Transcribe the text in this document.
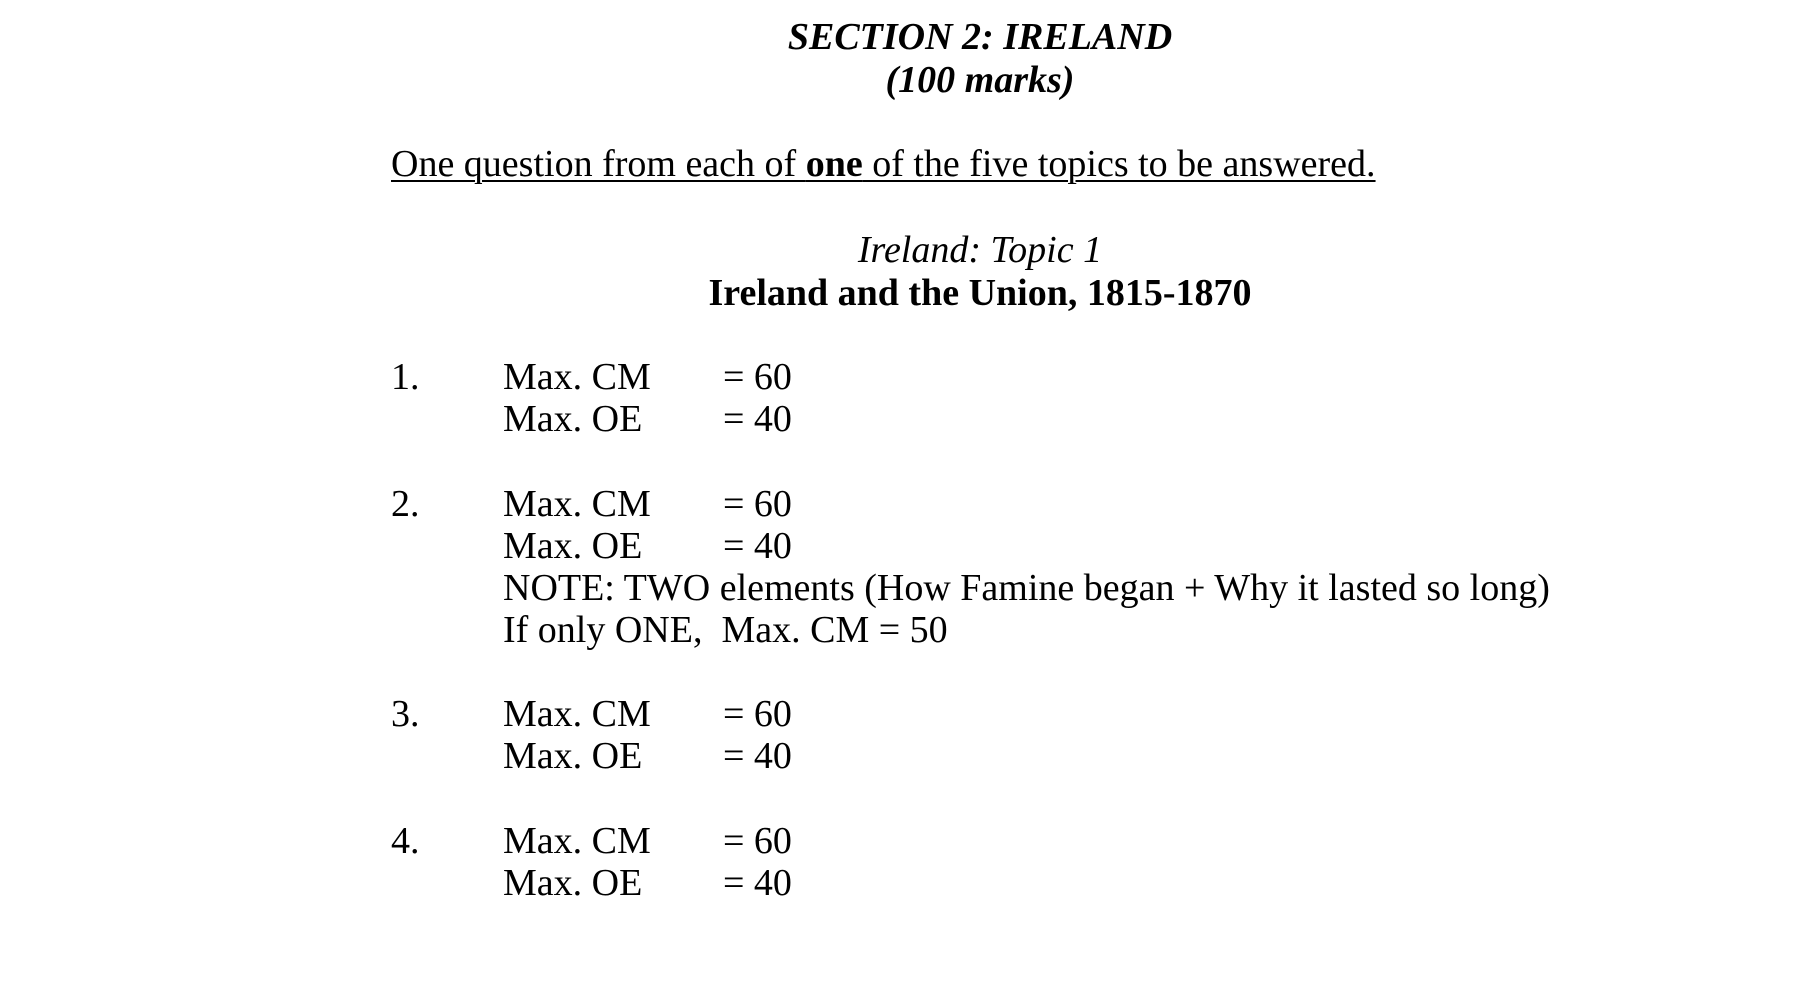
SECTION 2: IRELAND
(100 marks)
One question from each of one of the five topics to be answered.
Ireland: Topic 1
Ireland and the Union, 1815-1870
1. Max. CM = 60
Max. OE = 40
2. Max. CM = 60
Max. OE = 40
NOTE: TWO elements (How Famine began + Why it lasted so long)
If only ONE,  Max. CM = 50
3. Max. CM = 60
Max. OE = 40
4. Max. CM = 60
Max. OE = 40
